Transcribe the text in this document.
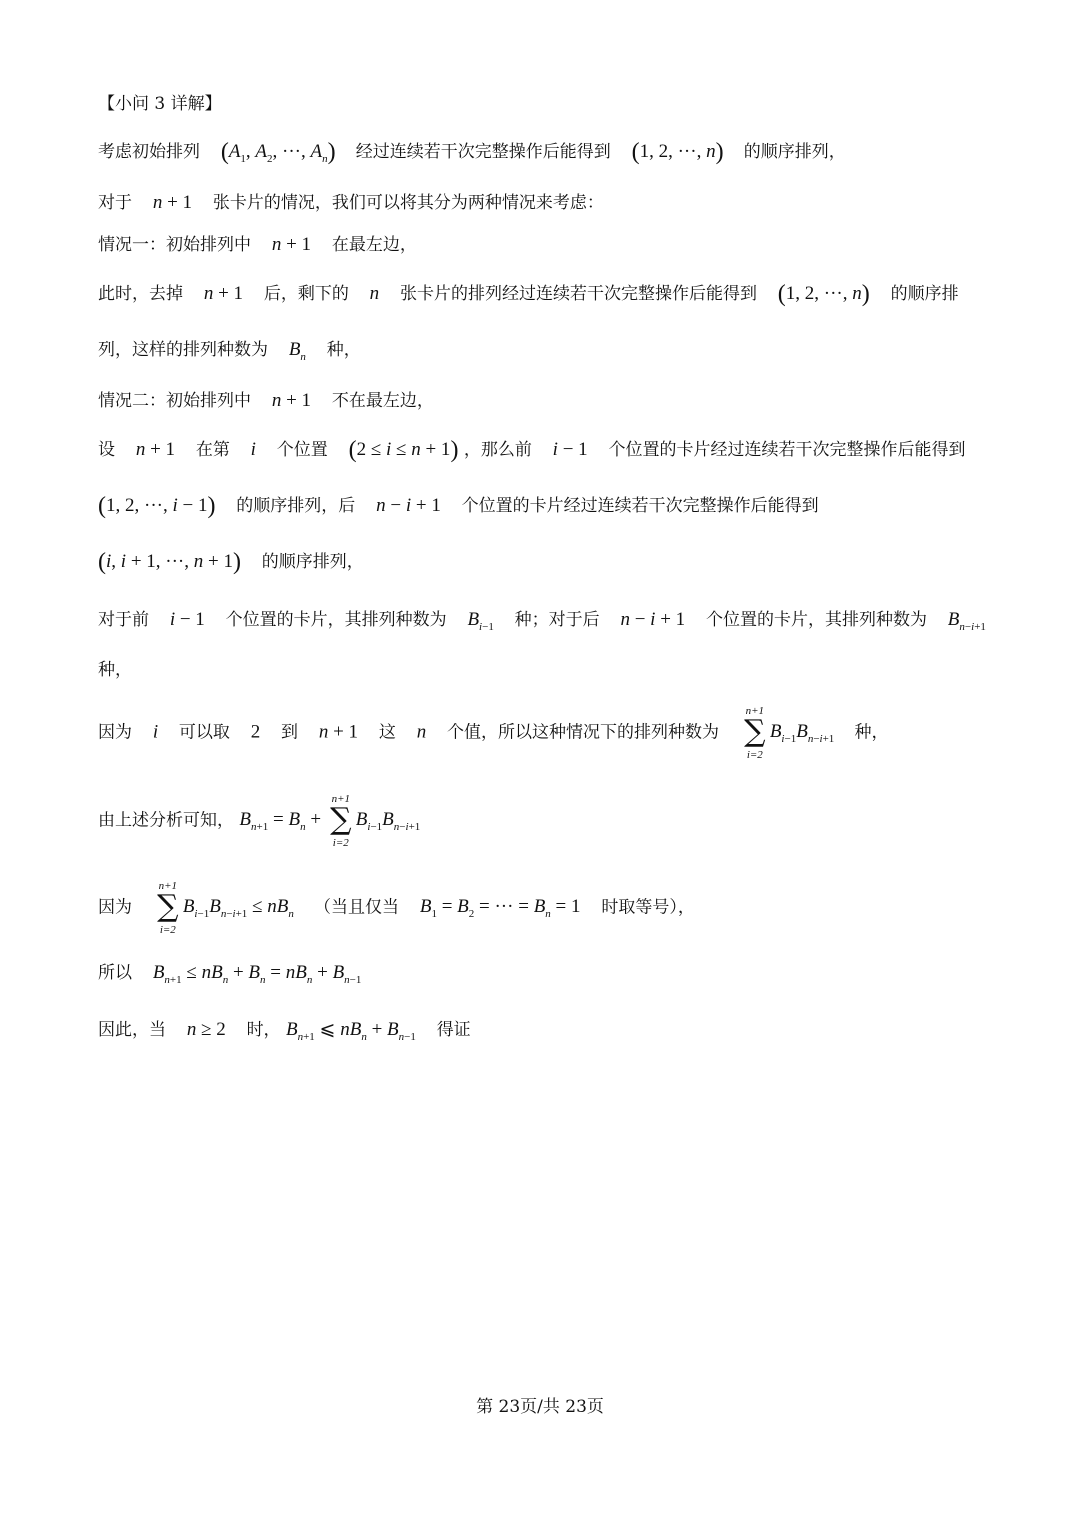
【小问 3 详解】
考虑初始排列 ($A_1$, $A_2$, ···, $A_n$) 经过连续若干次完整操作后能得到 (1, 2, ···, n) 的顺序排列，
对于 n + 1 张卡片的情况，我们可以将其分为两种情况来考虑：
情况一：初始排列中 n + 1 在最左边，
此时，去掉 n + 1 后，剩下的 n 张卡片的排列经过连续若干次完整操作后能得到 (1, 2, ···, n) 的顺序排
列，这样的排列种数为 $B_n$ 种，
情况二：初始排列中 n + 1 不在最左边，
设 n + 1 在第 i 个位置 (2 ≤ i ≤ n + 1) ，那么前 i − 1 个位置的卡片经过连续若干次完整操作后能得到
(1, 2, ···, i − 1) 的顺序排列，后 n − i + 1 个位置的卡片经过连续若干次完整操作后能得到
(i, i + 1, ···, n + 1) 的顺序排列，
对于前 i − 1 个位置的卡片，其排列种数为 $B_{i-1}$ 种；对于后 n − i + 1 个位置的卡片，其排列种数为 $B_{n-i+1}$
种，
因为 i 可以取 2 到 n + 1 这 n 个值，所以这种情况下的排列种数为
n+1
∑
i=2
$B_{i-1}B_{n-i+1}$ 种，
由上述分析可知， $B_{n+1} = B_n$ +
n+1
∑
i=2
$B_{i-1}B_{n-i+1}$
因为
n+1
∑
i=2
$B_{i-1}B_{n-i+1} \le nB_n$ （当且仅当 $B_1 = B_2$ = ··· = $B_n = 1$ 时取等号），
所以 $B_{n+1} \le nB_n + B_n = nB_n + B_{n-1}$
因此，当 n ≥ 2 时， $B_{n+1}$ ⩽ $nB_n + B_{n-1}$ 得证
第 23页/共 23页
